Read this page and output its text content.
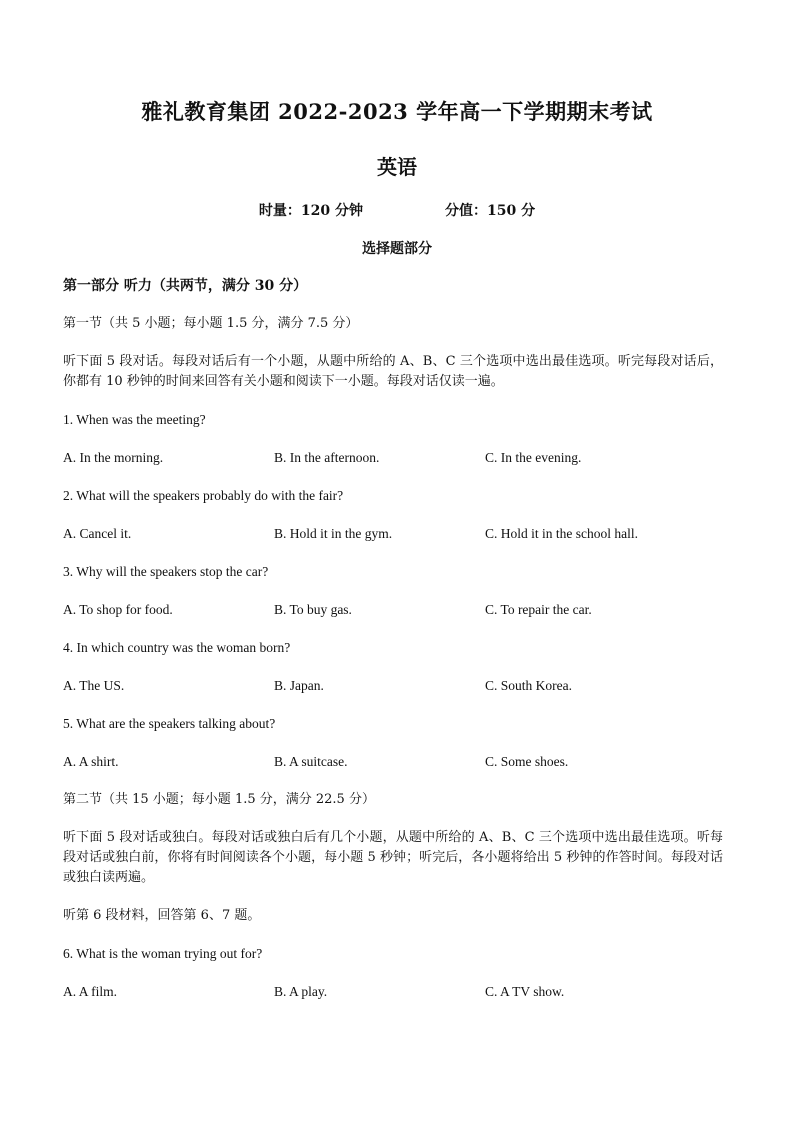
雅礼教育集团 2022-2023 学年高一下学期期末考试
英语
时量：120 分钟	分值：150 分
选择题部分
第一部分 听力（共两节，满分 30 分）
第一节（共 5 小题；每小题 1.5 分，满分 7.5 分）
听下面 5 段对话。每段对话后有一个小题，从题中所给的 A、B、C 三个选项中选出最佳选项。听完每段对话后，你都有 10 秒钟的时间来回答有关小题和阅读下一小题。每段对话仅读一遍。
1. When was the meeting?
A. In the morning.	B. In the afternoon.	C. In the evening.
2. What will the speakers probably do with the fair?
A. Cancel it.	B. Hold it in the gym.	C. Hold it in the school hall.
3. Why will the speakers stop the car?
A. To shop for food.	B. To buy gas.	C. To repair the car.
4. In which country was the woman born?
A. The US.	B. Japan.	C. South Korea.
5. What are the speakers talking about?
A. A shirt.	B. A suitcase.	C. Some shoes.
第二节（共 15 小题；每小题 1.5 分，满分 22.5 分）
听下面 5 段对话或独白。每段对话或独白后有几个小题，从题中所给的 A、B、C 三个选项中选出最佳选项。听每段对话或独白前，你将有时间阅读各个小题，每小题 5 秒钟；听完后，各小题将给出 5 秒钟的作答时间。每段对话或独白读两遍。
听第 6 段材料，回答第 6、7 题。
6. What is the woman trying out for?
A. A film.	B. A play.	C. A TV show.
